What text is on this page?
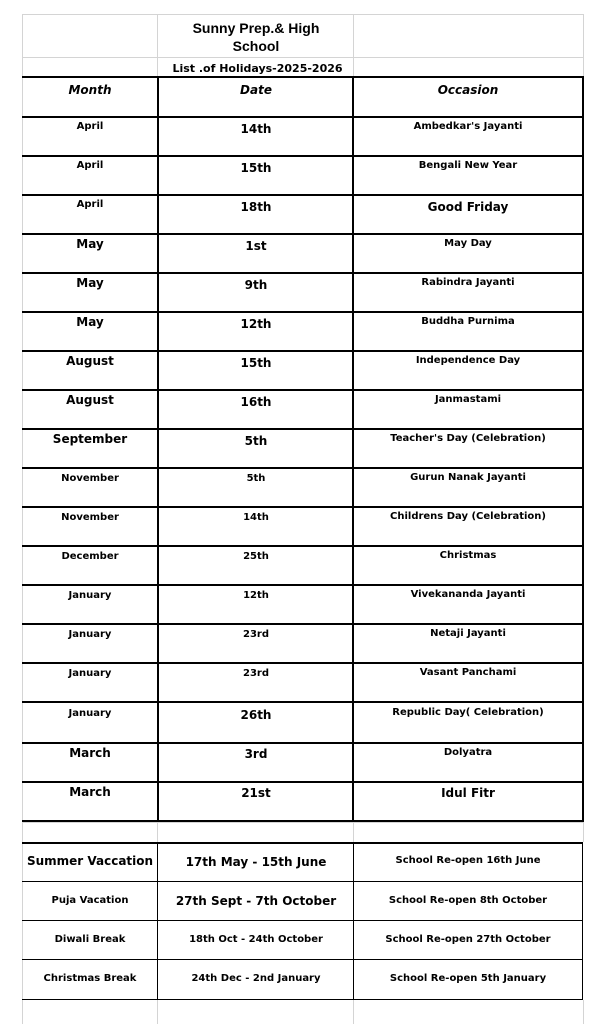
Sunny Prep.& High School
List .of Holidays-2025-2026
Month	Date	Occasion
April	14th	Ambedkar's Jayanti
April	15th	Bengali New Year
April	18th	Good Friday
May	1st	May Day
May	9th	Rabindra Jayanti
May	12th	Buddha Purnima
August	15th	Independence Day
August	16th	Janmastami
September	5th	Teacher's Day (Celebration)
November	5th	Gurun Nanak Jayanti
November	14th	Childrens Day (Celebration)
December	25th	Christmas
January	12th	Vivekananda Jayanti
January	23rd	Netaji Jayanti
January	23rd	Vasant Panchami
January	26th	Republic Day( Celebration)
March	3rd	Dolyatra
March	21st	Idul Fitr
Summer Vaccation	17th May - 15th June	School Re-open 16th June
Puja Vacation	27th Sept - 7th October	School Re-open 8th October
Diwali Break	18th Oct - 24th October	School Re-open 27th October
Christmas Break	24th Dec - 2nd January	School Re-open 5th January
